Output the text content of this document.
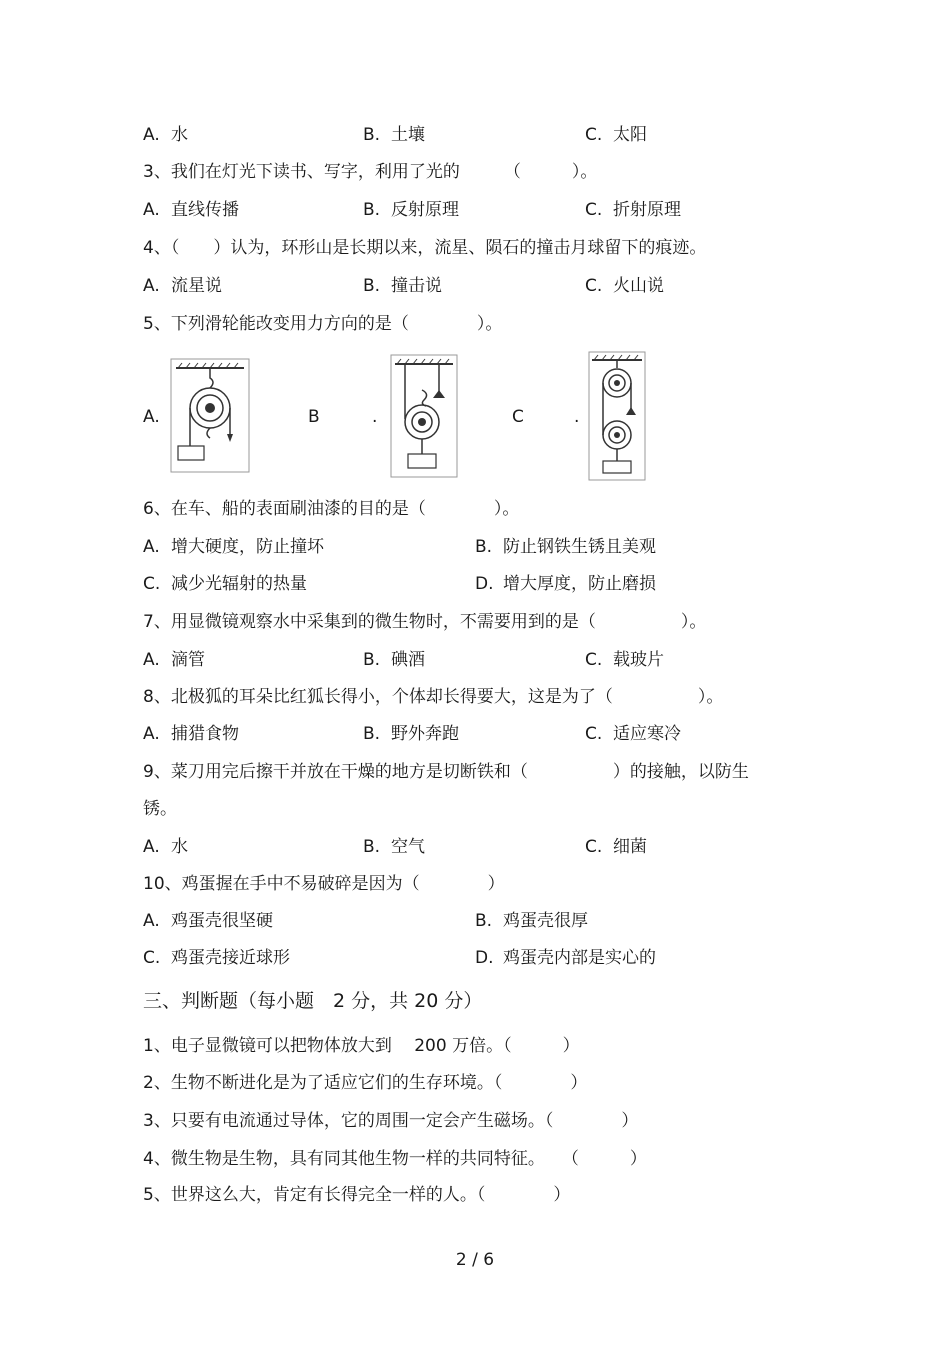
A. 水	B. 土壤	C. 太阳
3、我们在灯光下读书、写字，利用了光的	（　　　）。
A. 直线传播	B. 反射原理	C. 折射原理
4、（　　）认为，环形山是长期以来，流星、陨石的撞击月球留下的痕迹。
A. 流星说	B. 撞击说	C. 火山说
5、下列滑轮能改变用力方向的是（　　　　）。
A.	B	.	C	.
6、在车、船的表面刷油漆的目的是（　　　　）。
A. 增大硬度，防止撞坏	B. 防止钢铁生锈且美观
C. 减少光辐射的热量	D. 增大厚度，防止磨损
7、用显微镜观察水中采集到的微生物时，不需要用到的是（　　　　　）。
A. 滴管	B. 碘酒	C. 载玻片
8、北极狐的耳朵比红狐长得小，个体却长得要大，这是为了（　　　　　）。
A. 捕猎食物	B. 野外奔跑	C. 适应寒冷
9、菜刀用完后擦干并放在干燥的地方是切断铁和（　　　　　）的接触，以防生
锈。
A. 水	B. 空气	C. 细菌
10、鸡蛋握在手中不易破碎是因为（　　　　）
A. 鸡蛋壳很坚硬	B. 鸡蛋壳很厚
C. 鸡蛋壳接近球形	D. 鸡蛋壳内部是实心的
三、判断题（每小题　2 分，共 20 分）
1、电子显微镜可以把物体放大到　 200 万倍。（　　　）
2、生物不断进化是为了适应它们的生存环境。（　　　　）
3、只要有电流通过导体，它的周围一定会产生磁场。（　　　　）
4、微生物是生物，具有同其他生物一样的共同特征。　　（　　　）
5、世界这么大，肯定有长得完全一样的人。（　　　　）
2 / 6
